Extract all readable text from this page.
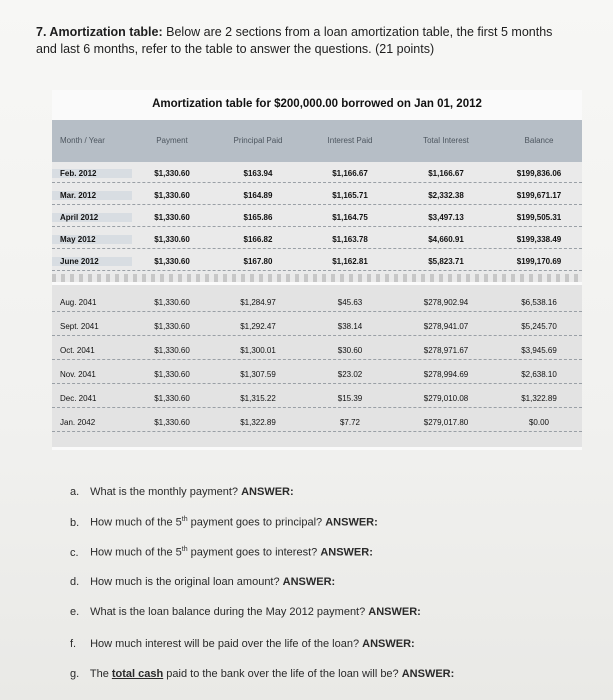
7. Amortization table: Below are 2 sections from a loan amortization table, the first 5 months and last 6 months, refer to the table to answer the questions. (21 points)
Amortization table for $200,000.00 borrowed on Jan 01, 2012
Month / Year	Payment	Principal Paid	Interest Paid	Total Interest	Balance
Feb. 2012	$1,330.60	$163.94	$1,166.67	$1,166.67	$199,836.06
Mar. 2012	$1,330.60	$164.89	$1,165.71	$2,332.38	$199,671.17
April 2012	$1,330.60	$165.86	$1,164.75	$3,497.13	$199,505.31
May 2012	$1,330.60	$166.82	$1,163.78	$4,660.91	$199,338.49
June 2012	$1,330.60	$167.80	$1,162.81	$5,823.71	$199,170.69
Aug. 2041	$1,330.60	$1,284.97	$45.63	$278,902.94	$6,538.16
Sept. 2041	$1,330.60	$1,292.47	$38.14	$278,941.07	$5,245.70
Oct. 2041	$1,330.60	$1,300.01	$30.60	$278,971.67	$3,945.69
Nov. 2041	$1,330.60	$1,307.59	$23.02	$278,994.69	$2,638.10
Dec. 2041	$1,330.60	$1,315.22	$15.39	$279,010.08	$1,322.89
Jan. 2042	$1,330.60	$1,322.89	$7.72	$279,017.80	$0.00
a. What is the monthly payment? ANSWER:
b. How much of the 5th payment goes to principal? ANSWER:
c. How much of the 5th payment goes to interest? ANSWER:
d. How much is the original loan amount? ANSWER:
e. What is the loan balance during the May 2012 payment? ANSWER:
f. How much interest will be paid over the life of the loan? ANSWER:
g. The total cash paid to the bank over the life of the loan will be? ANSWER:
